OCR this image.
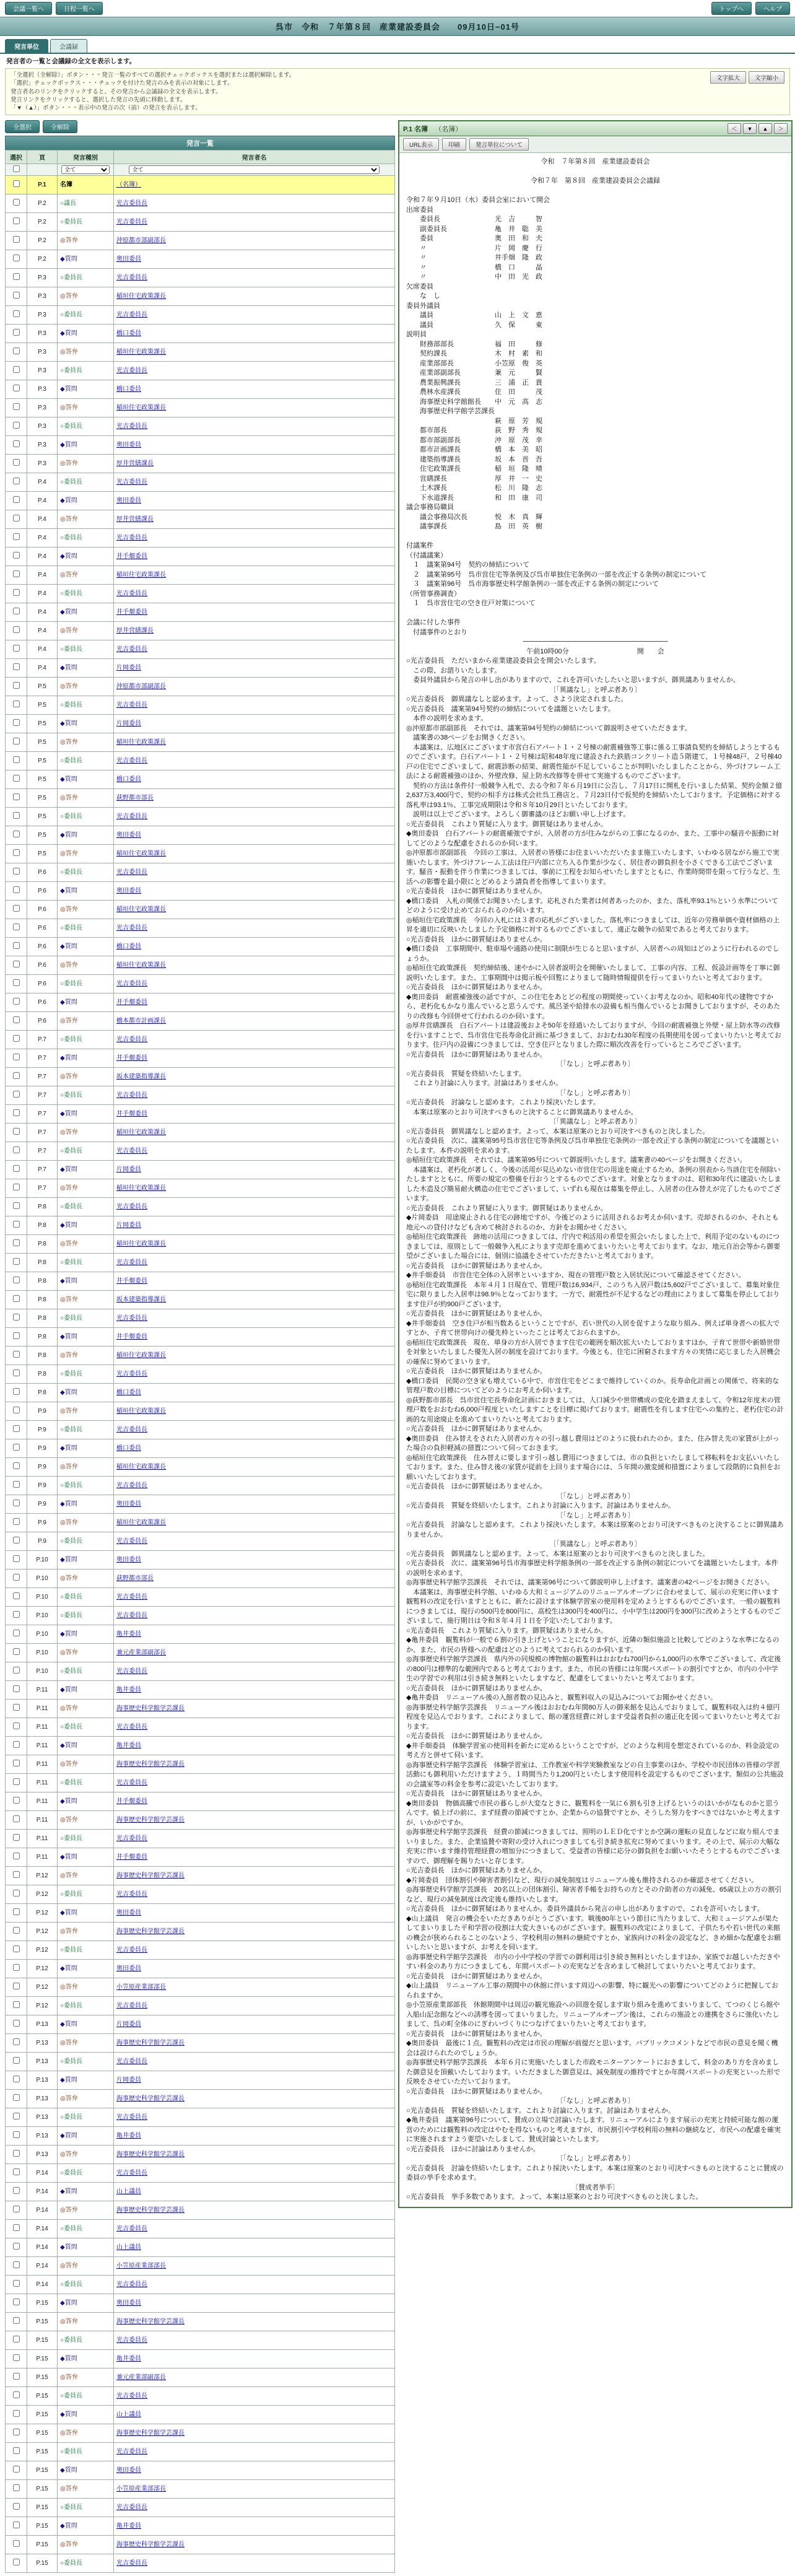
会議一覧へ	日程一覧へ	トップへ	ヘルプ
呉市　令和　７年第８回　産業建設委員会　　09月10日−01号
発言単位	会議録
発言者の一覧と会議録の全文を表示します。
「全選択（全解除）」ボタン・・・発言一覧のすべての選択チェックボックスを選択または選択解除します。
「選択」チェックボックス・・・チェックを付けた発言のみを表示の対象にします。
発言者名のリンクをクリックすると、その発言から会議録の全文を表示します。
発言リンクをクリックすると、選択した発言の先頭に移動します。
「▼（▲）」ボタン・・・表示中の発言の次（前）の発言を表示します。
文字拡大	文字縮小
全選択	全解除
発言一覧
選択	頁	発言種別	発言者名

全て	
全て
	P.1	名簿	（名簿）
	P.2	○議長	光吉委員長
	P.2	○委員長	光吉委員長
	P.2	◎答弁	沖原都市部副部長
	P.2	◆質問	奥田委員
	P.3	○委員長	光吉委員長
	P.3	◎答弁	稲垣住宅政策課長
	P.3	○委員長	光吉委員長
	P.3	◆質問	橋口委員
	P.3	◎答弁	稲垣住宅政策課長
	P.3	○委員長	光吉委員長
	P.3	◆質問	橋口委員
	P.3	◎答弁	稲垣住宅政策課長
	P.3	○委員長	光吉委員長
	P.3	◆質問	奥田委員
	P.3	◎答弁	厚井営繕課長
	P.4	○委員長	光吉委員長
	P.4	◆質問	奥田委員
	P.4	◎答弁	厚井営繕課長
	P.4	○委員長	光吉委員長
	P.4	◆質問	井手畑委員
	P.4	◎答弁	稲垣住宅政策課長
	P.4	○委員長	光吉委員長
	P.4	◆質問	井手畑委員
	P.4	◎答弁	厚井営繕課長
	P.4	○委員長	光吉委員長
	P.4	◆質問	片岡委員
	P.5	◎答弁	沖原都市部副部長
	P.5	○委員長	光吉委員長
	P.5	◆質問	片岡委員
	P.5	◎答弁	稲垣住宅政策課長
	P.5	○委員長	光吉委員長
	P.5	◆質問	橋口委員
	P.5	◎答弁	荻野都市部長
	P.5	○委員長	光吉委員長
	P.5	◆質問	奥田委員
	P.5	◎答弁	稲垣住宅政策課長
	P.6	○委員長	光吉委員長
	P.6	◆質問	奥田委員
	P.6	◎答弁	稲垣住宅政策課長
	P.6	○委員長	光吉委員長
	P.6	◆質問	橋口委員
	P.6	◎答弁	稲垣住宅政策課長
	P.6	○委員長	光吉委員長
	P.6	◆質問	井手畑委員
	P.6	◎答弁	橋本都市計画課長
	P.7	○委員長	光吉委員長
	P.7	◆質問	井手畑委員
	P.7	◎答弁	坂本建築指導課長
	P.7	○委員長	光吉委員長
	P.7	◆質問	井手畑委員
	P.7	◎答弁	稲垣住宅政策課長
	P.7	○委員長	光吉委員長
	P.7	◆質問	片岡委員
	P.7	◎答弁	稲垣住宅政策課長
	P.8	○委員長	光吉委員長
	P.8	◆質問	片岡委員
	P.8	◎答弁	稲垣住宅政策課長
	P.8	○委員長	光吉委員長
	P.8	◆質問	井手畑委員
	P.8	◎答弁	坂本建築指導課長
	P.8	○委員長	光吉委員長
	P.8	◆質問	井手畑委員
	P.8	◎答弁	稲垣住宅政策課長
	P.8	○委員長	光吉委員長
	P.8	◆質問	橋口委員
	P.9	◎答弁	稲垣住宅政策課長
	P.9	○委員長	光吉委員長
	P.9	◆質問	橋口委員
	P.9	◎答弁	稲垣住宅政策課長
	P.9	○委員長	光吉委員長
	P.9	◆質問	奥田委員
	P.9	◎答弁	稲垣住宅政策課長
	P.9	○委員長	光吉委員長
	P.10	◆質問	奥田委員
	P.10	◎答弁	荻野都市部長
	P.10	○委員長	光吉委員長
	P.10	○委員長	光吉委員長
	P.10	◆質問	亀井委員
	P.10	◎答弁	兼元産業部副部長
	P.10	○委員長	光吉委員長
	P.11	◆質問	亀井委員
	P.11	◎答弁	海事歴史科学館学芸課長
	P.11	○委員長	光吉委員長
	P.11	◆質問	亀井委員
	P.11	◎答弁	海事歴史科学館学芸課長
	P.11	○委員長	光吉委員長
	P.11	◆質問	井手畑委員
	P.11	◎答弁	海事歴史科学館学芸課長
	P.11	○委員長	光吉委員長
	P.11	◆質問	井手畑委員
	P.12	◎答弁	海事歴史科学館学芸課長
	P.12	○委員長	光吉委員長
	P.12	◆質問	奥田委員
	P.12	◎答弁	海事歴史科学館学芸課長
	P.12	○委員長	光吉委員長
	P.12	◆質問	奥田委員
	P.12	◎答弁	小笠原産業部部長
	P.12	○委員長	光吉委員長
	P.13	◆質問	片岡委員
	P.13	◎答弁	海事歴史科学館学芸課長
	P.13	○委員長	光吉委員長
	P.13	◆質問	片岡委員
	P.13	◎答弁	海事歴史科学館学芸課長
	P.13	○委員長	光吉委員長
	P.13	◆質問	亀井委員
	P.13	◎答弁	海事歴史科学館学芸課長
	P.14	○委員長	光吉委員長
	P.14	◆質問	山上議員
	P.14	◎答弁	海事歴史科学館学芸課長
	P.14	○委員長	光吉委員長
	P.14	◆質問	山上議員
	P.14	◎答弁	小笠原産業部部長
	P.14	○委員長	光吉委員長
	P.15	◆質問	奥田委員
	P.15	◎答弁	海事歴史科学館学芸課長
	P.15	○委員長	光吉委員長
	P.15	◆質問	亀井委員
	P.15	◎答弁	兼元産業部副部長
	P.15	○委員長	光吉委員長
	P.15	◆質問	山上議員
	P.15	◎答弁	海事歴史科学館学芸課長
	P.15	○委員長	光吉委員長
	P.15	◆質問	奥田委員
	P.15	◎答弁	小笠原産業部部長
	P.15	○委員長	光吉委員長
	P.15	◆質問	亀井委員
	P.15	◎答弁	海事歴史科学館学芸課長
	P.15	○委員長	光吉委員長
P.1 名簿 （名簿）	＜	▼	▲	＞
URL表示	印刷	発言単位について
令和　７年第８回　産業建設委員会
令和７年　第８回　産業建設委員会会議録
令和７年９月10日（水）委員会室において開会
出席委員
　　委員長　　　　　　　　光　吉　　　智
　　副委員長　　　　　　　亀　井　聡　美
　　委員　　　　　　　　　奥　田　和　夫
　　〃　　　　　　　　　　片　岡　慶　行
　　〃　　　　　　　　　　井手畑　隆　政
　　〃　　　　　　　　　　橋　口　　　晶
　　〃　　　　　　　　　　中　田　光　政
欠席委員
　　な　し
委員外議員
　　議員　　　　　　　　　山　上　文　恵
　　議員　　　　　　　　　久　保　　　東
説明員
　　財務部部長　　　　　　福　田　　　修
　　契約課長　　　　　　　木　村　素　和
　　産業部部長　　　　　　小笠原　俊　英
　　産業部副部長　　　　　兼　元　　　賢
　　農業振興課長　　　　　三　浦　正　貴
　　農林水産課長　　　　　住　田　　　茂
　　海事歴史科学館館長　　中　元　高　志
　　海事歴史科学館学芸課長
　　　　　　　　　　　　　萩　原　芳　規
　　都市部長　　　　　　　荻　野　秀　規
　　都市部副部長　　　　　沖　原　茂　幸
　　都市計画課長　　　　　橋　本　美　昭
　　建築指導課長　　　　　坂　本　晋　吾
　　住宅政策課長　　　　　稲　垣　隆　晴
　　営繕課長　　　　　　　厚　井　一　史
　　土木課長　　　　　　　松　川　隆　志
　　下水道課長　　　　　　和　田　康　司
議会事務局職員
　　議会事務局次長　　　　悦　木　真　輝
　　議事課長　　　　　　　島　田　英　樹
付議案件
（付議議案）
　１　議案第94号　契約の締結について
　２　議案第95号　呉市営住宅等条例及び呉市単独住宅条例の一部を改正する条例の制定について
　３　議案第96号　呉市海事歴史科学館条例の一部を改正する条例の制定について
（所管事務調査）
　１　呉市営住宅の空き住戸対策について
会議に付した事件
　付議事件のとおり
──────────────────────────────
午前10時00分　　　　　　　　　　開　　会
○光吉委員長　ただいまから産業建設委員会を開会いたします。
　この際、お諮りいたします。
　委員外議員から発言の申し出がありますので、これを許可いたしたいと思いますが、御異議ありませんか。
〔「異議なし」と呼ぶ者あり〕
○光吉委員長　御異議なしと認めます。よって、さよう決定されました。
○光吉委員長　議案第94号契約の締結についてを議題といたします。
　本件の説明を求めます。
◎沖原都市部副部長　それでは、議案第94号契約の締結について御説明させていただきます。
　議案書の38ページをお開きください。
　本議案は、広地区にございます市営白石アパート１・２号棟の耐震補強等工事に係る工事請負契約を締結しようとするものでございます。白石アパート１・２号棟は昭和48年度に建設された鉄筋コンクリート造５階建て、１号棟48戸、２号棟40戸の住宅でございまして、耐震診断の結果、耐震性能が不足していることが判明いたしましたことから、外づけフレーム工法による耐震補強のほか、外壁改修、屋上防水改修等を併せて実施するものでございます。
　契約の方法は条件付一般競争入札で、去る令和７年６月19日に公告し、７月17日に開札を行いました結果、契約金額２億2,637万3,400円で、契約の相手方は株式会社呉工務店と、７月23日付で仮契約を締結いたしております。予定価格に対する落札率は93.1％、工事完成期限は令和８年10月29日といたしております。
　説明は以上でございます。よろしく御審議のほどお願い申し上げます。
○光吉委員長　これより質疑に入ります。御質疑はありませんか。
◆奥田委員　白石アパートの耐震補強ですが、入居者の方が住みながらの工事になるのか、また、工事中の騒音や振動に対してどのような配慮をされるのか伺います。
◎沖原都市部副部長　今回の工事は、入居者の皆様にお住まいいただいたまま施工いたします、いわゆる居ながら施工で実施いたします。外づけフレーム工法は住戸内部に立ち入る作業が少なく、居住者の御負担を小さくできる工法でございます。騒音・振動を伴う作業につきましては、事前に工程をお知らせいたしますとともに、作業時間帯を限って行うなど、生活への影響を最小限にとどめるよう請負者を指導してまいります。
○光吉委員長　ほかに御質疑はありませんか。
◆橋口委員　入札の関係でお聞きいたします。応札された業者は何者あったのか、また、落札率93.1％という水準についてどのように受け止めておられるのか伺います。
◎稲垣住宅政策課長　今回の入札には３者の応札がございました。落札率につきましては、近年の労務単価や資材価格の上昇を適切に反映いたしました予定価格に対するものでございまして、適正な競争の結果であると考えております。
○光吉委員長　ほかに御質疑はありませんか。
◆橋口委員　工事期間中、駐車場や通路の使用に制限が生じると思いますが、入居者への周知はどのように行われるのでしょうか。
◎稲垣住宅政策課長　契約締結後、速やかに入居者説明会を開催いたしまして、工事の内容、工程、仮設計画等を丁寧に御説明いたします。また、工事期間中は掲示板や回覧によりまして随時情報提供を行ってまいりたいと考えております。
○光吉委員長　ほかに御質疑はありませんか。
◆奥田委員　耐震補強後の話ですが、この住宅をあとどの程度の期間使っていくお考えなのか。昭和40年代の建物ですから、老朽化もかなり進んでいると思うんです。風呂釜や給排水の設備も相当傷んでいるとお聞きしておりますが、そのあたりの改修も今回併せて行われるのか伺います。
◎厚井営繕課長　白石アパートは建設後およそ50年を経過いたしておりますが、今回の耐震補強と外壁・屋上防水等の改修を行いますことで、呉市営住宅長寿命化計画に基づきまして、おおむね30年程度の長期使用を図ってまいりたいと考えております。住戸内の設備につきましては、空き住戸となりました際に順次改善を行っているところでございます。
○光吉委員長　ほかに御質疑はありませんか。
〔「なし」と呼ぶ者あり〕
○光吉委員長　質疑を終結いたします。
　これより討論に入ります。討論はありませんか。
〔「なし」と呼ぶ者あり〕
○光吉委員長　討論なしと認めます。これより採決いたします。
　本案は原案のとおり可決すべきものと決することに御異議ありませんか。
〔「異議なし」と呼ぶ者あり〕
○光吉委員長　御異議なしと認めます。よって、本案は原案のとおり可決すべきものと決しました。
○光吉委員長　次に、議案第95号呉市営住宅等条例及び呉市単独住宅条例の一部を改正する条例の制定についてを議題といたします。本件の説明を求めます。
◎稲垣住宅政策課長　それでは、議案第95号について御説明いたします。議案書の40ページをお開きください。
　本議案は、老朽化が著しく、今後の活用が見込めない市営住宅の用途を廃止するため、条例の別表から当該住宅を削除いたしますとともに、所要の規定の整備を行おうとするものでございます。対象となりますのは、昭和30年代に建設いたしました木造及び簡易耐火構造の住宅でございまして、いずれも現在は募集を停止し、入居者の住み替えが完了したものでございます。
○光吉委員長　これより質疑に入ります。御質疑はありませんか。
◆片岡委員　用途廃止される住宅の跡地ですが、今後どのように活用されるお考えか伺います。売却されるのか、それとも地元への貸付けなども含めて検討されるのか、方針をお聞かせください。
◎稲垣住宅政策課長　跡地の活用につきましては、庁内で利活用の希望を照会いたしました上で、利用予定のないものにつきましては、原則として一般競争入札によります売却を進めてまいりたいと考えております。なお、地元自治会等から御要望がございました場合には、個別に協議をさせていただきたいと考えております。
○光吉委員長　ほかに御質疑はありませんか。
◆井手畑委員　市営住宅全体の入居率といいますか、現在の管理戸数と入居状況について確認させてください。
◎稲垣住宅政策課長　本年４月１日現在で、管理戸数は6,934戸、このうち入居戸数は5,602戸でございまして、募集対象住宅に限りました入居率は98.9％となっております。一方で、耐震性が不足するなどの理由によりまして募集を停止しております住戸が約900戸ございます。
○光吉委員長　ほかに御質疑はありませんか。
◆井手畑委員　空き住戸が相当数あるということですが、若い世代の入居を促すような取り組み、例えば単身者への拡大ですとか、子育て世帯向けの優先枠といったことは考えておられますか。
◎稲垣住宅政策課長　現在、単身の方が入居できます住宅の範囲を順次拡大いたしておりますほか、子育て世帯や新婚世帯を対象といたしました優先入居の制度を設けております。今後とも、住宅に困窮されます方々の実情に応じました入居機会の確保に努めてまいります。
○光吉委員長　ほかに御質疑はありませんか。
◆橋口委員　民間の空き家も増えている中で、市営住宅をどこまで維持していくのか。長寿命化計画との関係で、将来的な管理戸数の目標についてどのようにお考えか伺います。
◎荻野都市部長　呉市営住宅長寿命化計画におきましては、人口減少や世帯構成の変化を踏まえまして、令和12年度末の管理戸数をおおむね6,000戸程度といたしますことを目標に掲げております。耐震性を有します住宅への集約と、老朽住宅の計画的な用途廃止を進めてまいりたいと考えております。
○光吉委員長　ほかに御質疑はありませんか。
◆奥田委員　住み替えをされた入居者の方々の引っ越し費用はどのように扱われたのか。また、住み替え先の家賃が上がった場合の負担軽減の措置について伺っておきます。
◎稲垣住宅政策課長　住み替えに要します引っ越し費用につきましては、市の負担といたしまして移転料をお支払いいたしております。また、住み替え後の家賃が従前を上回ります場合には、５年間の激変緩和措置によりまして段階的に負担をお願いいたしております。
○光吉委員長　ほかに御質疑はありませんか。
〔「なし」と呼ぶ者あり〕
○光吉委員長　質疑を終結いたします。これより討論に入ります。討論はありませんか。
〔「なし」と呼ぶ者あり〕
○光吉委員長　討論なしと認めます。これより採決いたします。本案は原案のとおり可決すべきものと決することに御異議ありませんか。
〔「異議なし」と呼ぶ者あり〕
○光吉委員長　御異議なしと認めます。よって、本案は原案のとおり可決すべきものと決しました。
○光吉委員長　次に、議案第96号呉市海事歴史科学館条例の一部を改正する条例の制定についてを議題といたします。本件の説明を求めます。
◎海事歴史科学館学芸課長　それでは、議案第96号について御説明申し上げます。議案書の42ページをお開きください。
　本議案は、海事歴史科学館、いわゆる大和ミュージアムのリニューアルオープンに合わせまして、展示の充実に伴います観覧料の改定を行いますとともに、新たに設けます体験学習室の使用料を定めようとするものでございます。一般の観覧料につきましては、現行の500円を800円に、高校生は300円を400円に、小中学生は200円を300円に改めようとするものでございまして、施行期日は令和８年４月１日を予定いたしております。
○光吉委員長　これより質疑に入ります。御質疑はありませんか。
◆亀井委員　観覧料が一般で６割の引き上げということになりますが、近隣の類似施設と比較してどのような水準になるのか、また、市民の皆様への配慮はどのように考えておられるのか伺います。
◎海事歴史科学館学芸課長　県内外の同規模の博物館の観覧料はおおむね700円から1,000円の水準でございまして、改定後の800円は標準的な範囲内であると考えております。また、市民の皆様には年間パスポートの割引ですとか、市内の小中学生の学習での利用は引き続き無料といたしますなど、配慮をしてまいりたいと考えております。
○光吉委員長　ほかに御質疑はありませんか。
◆亀井委員　リニューアル後の入館者数の見込みと、観覧料収入の見込みについてお聞かせください。
◎海事歴史科学館学芸課長　リニューアル後はおおむね年間80万人の御来館を見込んでおりまして、観覧料収入は約４億円程度を見込んでおります。これによりまして、館の運営経費に対します受益者負担の適正化を図ってまいりたいと考えております。
○光吉委員長　ほかに御質疑はありませんか。
◆井手畑委員　体験学習室の使用料を新たに定めるということですが、どのような利用を想定されているのか、料金設定の考え方と併せて伺います。
◎海事歴史科学館学芸課長　体験学習室は、工作教室や科学実験教室などの自主事業のほか、学校や市民団体の皆様の学習活動にも御利用いただけますよう、１時間当たり1,200円といたします使用料を設定するものでございます。類似の公共施設の会議室等の料金を参考に設定いたしております。
○光吉委員長　ほかに御質疑はありませんか。
◆奥田委員　物価高騰で市民の暮らしが大変なときに、観覧料を一気に６割も引き上げるというのはいかがなものかと思うんです。値上げの前に、まず経費の節減ですとか、企業からの協賛ですとか、そうした努力をすべきではないかと考えますが、いかがですか。
◎海事歴史科学館学芸課長　経費の節減につきましては、照明のＬＥＤ化ですとか空調の運転の見直しなどに取り組んでまいりました。また、企業協賛や寄附の受け入れにつきましても引き続き拡充に努めてまいります。その上で、展示の大幅な充実に伴います維持管理経費の増加分につきまして、受益者の皆様に応分の御負担をお願いいたそうとするものでございますので、御理解を賜りたいと存じます。
○光吉委員長　ほかに御質疑はありませんか。
◆片岡委員　団体割引や障害者割引など、現行の減免制度はリニューアル後も維持されるのか確認させてください。
◎海事歴史科学館学芸課長　20名以上の団体割引、障害者手帳をお持ちの方とその介助者の方の減免、65歳以上の方の割引など、現行の減免制度は改定後も維持いたします。
○光吉委員長　ほかに御質疑はありませんか。委員外議員から発言の申し出がありますので、これを許可いたします。
◆山上議員　発言の機会をいただきありがとうございます。戦後80年という節目に当たりまして、大和ミュージアムが果たしてまいりました平和学習の役割は大変大きいものがございます。観覧料の改定によりまして、子供たちや若い世代の来館の機会が狭められることのないよう、学校利用の無料の継続ですとか、家族向けの料金の設定など、きめ細かな配慮をお願いしたいと思いますが、お考えを伺います。
◎海事歴史科学館学芸課長　市内の小中学校の学習での御利用は引き続き無料といたしますほか、家族でお越しいただきやすい料金のあり方につきましても、年間パスポートの充実などを含めまして検討してまいりたいと考えております。
○光吉委員長　ほかに御質疑はありませんか。
◆山上議員　リニューアル工事の期間中の休館に伴います周辺への影響、特に観光への影響についてどのように把握しておられますか。
◎小笠原産業部部長　休館期間中は周辺の観光施設への回遊を促します取り組みを進めてまいりまして、てつのくじら館や入船山記念館などへの誘導を図ってまいりました。リニューアルオープン後は、これらの施設との連携をさらに強化いたしまして、呉の町全体のにぎわいづくりにつなげてまいりたいと考えております。
○光吉委員長　ほかに御質疑はありませんか。
◆奥田委員　最後に１点。観覧料の改定は市民の理解が前提だと思います。パブリックコメントなどで市民の意見を聞く機会は設けられたのでしょうか。
◎海事歴史科学館学芸課長　本年６月に実施いたしました市政モニターアンケートにおきまして、料金のあり方を含めました御意見を頂戴いたしております。いただきました御意見は、減免制度の維持ですとか年間パスポートの充実といった形で反映をさせていただいております。
○光吉委員長　ほかに御質疑はありませんか。
〔「なし」と呼ぶ者あり〕
○光吉委員長　質疑を終結いたします。これより討論に入ります。討論はありませんか。
◆亀井委員　議案第96号について、賛成の立場で討論いたします。リニューアルによります展示の充実と持続可能な館の運営のためには観覧料の改定はやむを得ないものと考えますが、市民割引や学校利用の無料の継続など、市民への配慮を確実に実施されますよう要望いたしまして、賛成討論といたします。
○光吉委員長　ほかに討論はありませんか。
〔「なし」と呼ぶ者あり〕
○光吉委員長　討論を終結いたします。これより採決いたします。本案は原案のとおり可決すべきものと決することに賛成の委員の挙手を求めます。
〔賛成者挙手〕
○光吉委員長　挙手多数であります。よって、本案は原案のとおり可決すべきものと決しました。
